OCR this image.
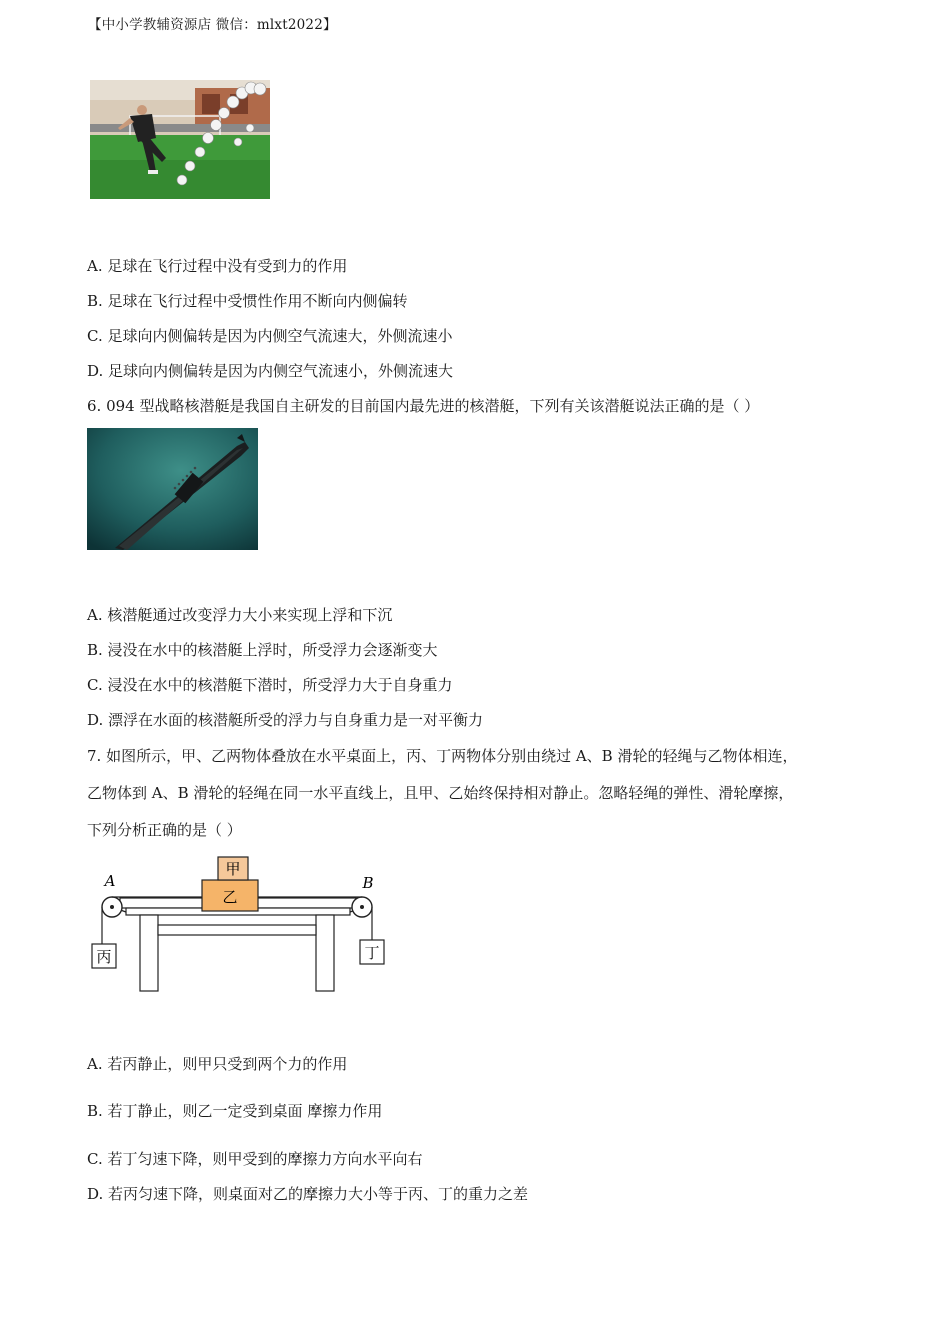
【中小学教辅资源店 微信：mlxt2022】
A. 足球在飞行过程中没有受到力的作用
B. 足球在飞行过程中受惯性作用不断向内侧偏转
C. 足球向内侧偏转是因为内侧空气流速大，外侧流速小
D. 足球向内侧偏转是因为内侧空气流速小，外侧流速大
6. 094 型战略核潜艇是我国自主研发的目前国内最先进的核潜艇，下列有关该潜艇说法正确的是（ ）
A. 核潜艇通过改变浮力大小来实现上浮和下沉
B. 浸没在水中的核潜艇上浮时，所受浮力会逐渐变大
C. 浸没在水中的核潜艇下潜时，所受浮力大于自身重力
D. 漂浮在水面的核潜艇所受的浮力与自身重力是一对平衡力
7. 如图所示，甲、乙两物体叠放在水平桌面上，丙、丁两物体分别由绕过 A、B 滑轮的轻绳与乙物体相连，
乙物体到 A、B 滑轮的轻绳在同一水平直线上，且甲、乙始终保持相对静止。忽略轻绳的弹性、滑轮摩擦，
下列分析正确的是（ ）
A	B
甲
乙
丙	丁
A. 若丙静止，则甲只受到两个力的作用
B. 若丁静止，则乙一定受到桌面 摩擦力作用
C. 若丁匀速下降，则甲受到的摩擦力方向水平向右
D. 若丙匀速下降，则桌面对乙的摩擦力大小等于丙、丁的重力之差
